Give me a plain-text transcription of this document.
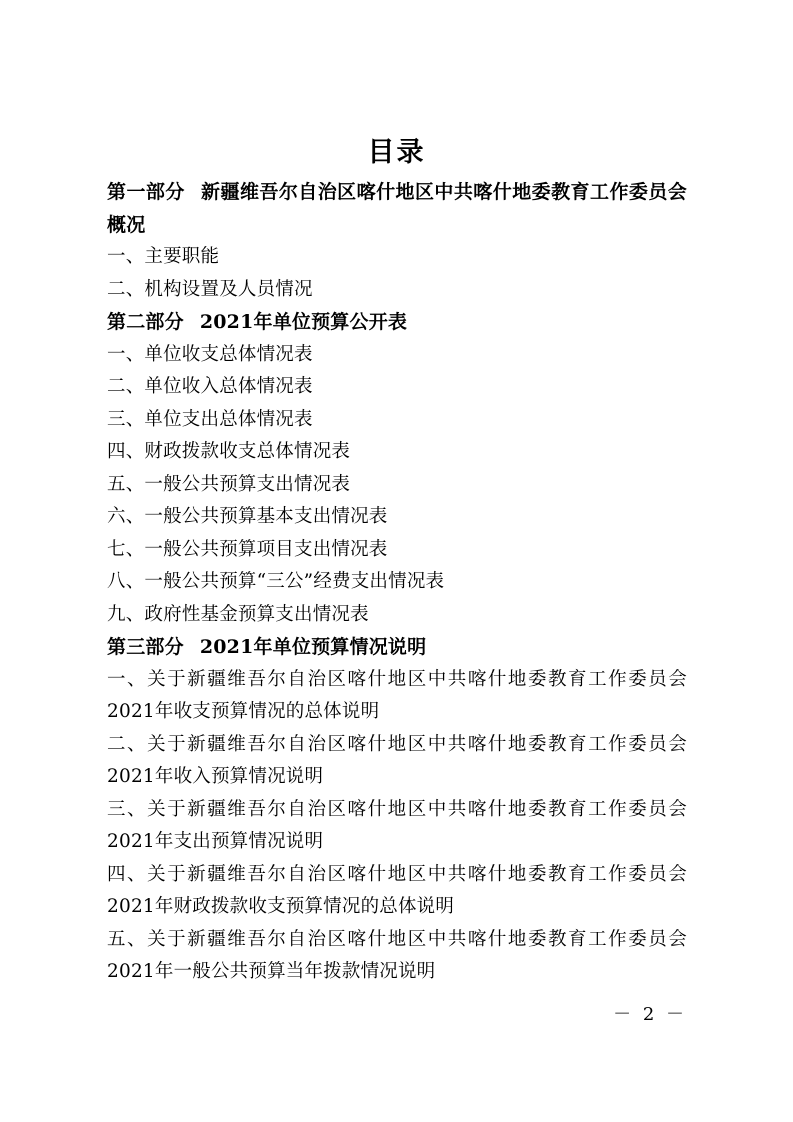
目录
第一部分 新疆维吾尔自治区喀什地区中共喀什地委教育工作委员会概况
一、主要职能
二、机构设置及人员情况
第二部分 2021年单位预算公开表
一、单位收支总体情况表
二、单位收入总体情况表
三、单位支出总体情况表
四、财政拨款收支总体情况表
五、一般公共预算支出情况表
六、一般公共预算基本支出情况表
七、一般公共预算项目支出情况表
八、一般公共预算“三公”经费支出情况表
九、政府性基金预算支出情况表
第三部分 2021年单位预算情况说明
一、关于新疆维吾尔自治区喀什地区中共喀什地委教育工作委员会2021年收支预算情况的总体说明
二、关于新疆维吾尔自治区喀什地区中共喀什地委教育工作委员会2021年收入预算情况说明
三、关于新疆维吾尔自治区喀什地区中共喀什地委教育工作委员会2021年支出预算情况说明
四、关于新疆维吾尔自治区喀什地区中共喀什地委教育工作委员会2021年财政拨款收支预算情况的总体说明
五、关于新疆维吾尔自治区喀什地区中共喀什地委教育工作委员会2021年一般公共预算当年拨款情况说明
－ 2 －
